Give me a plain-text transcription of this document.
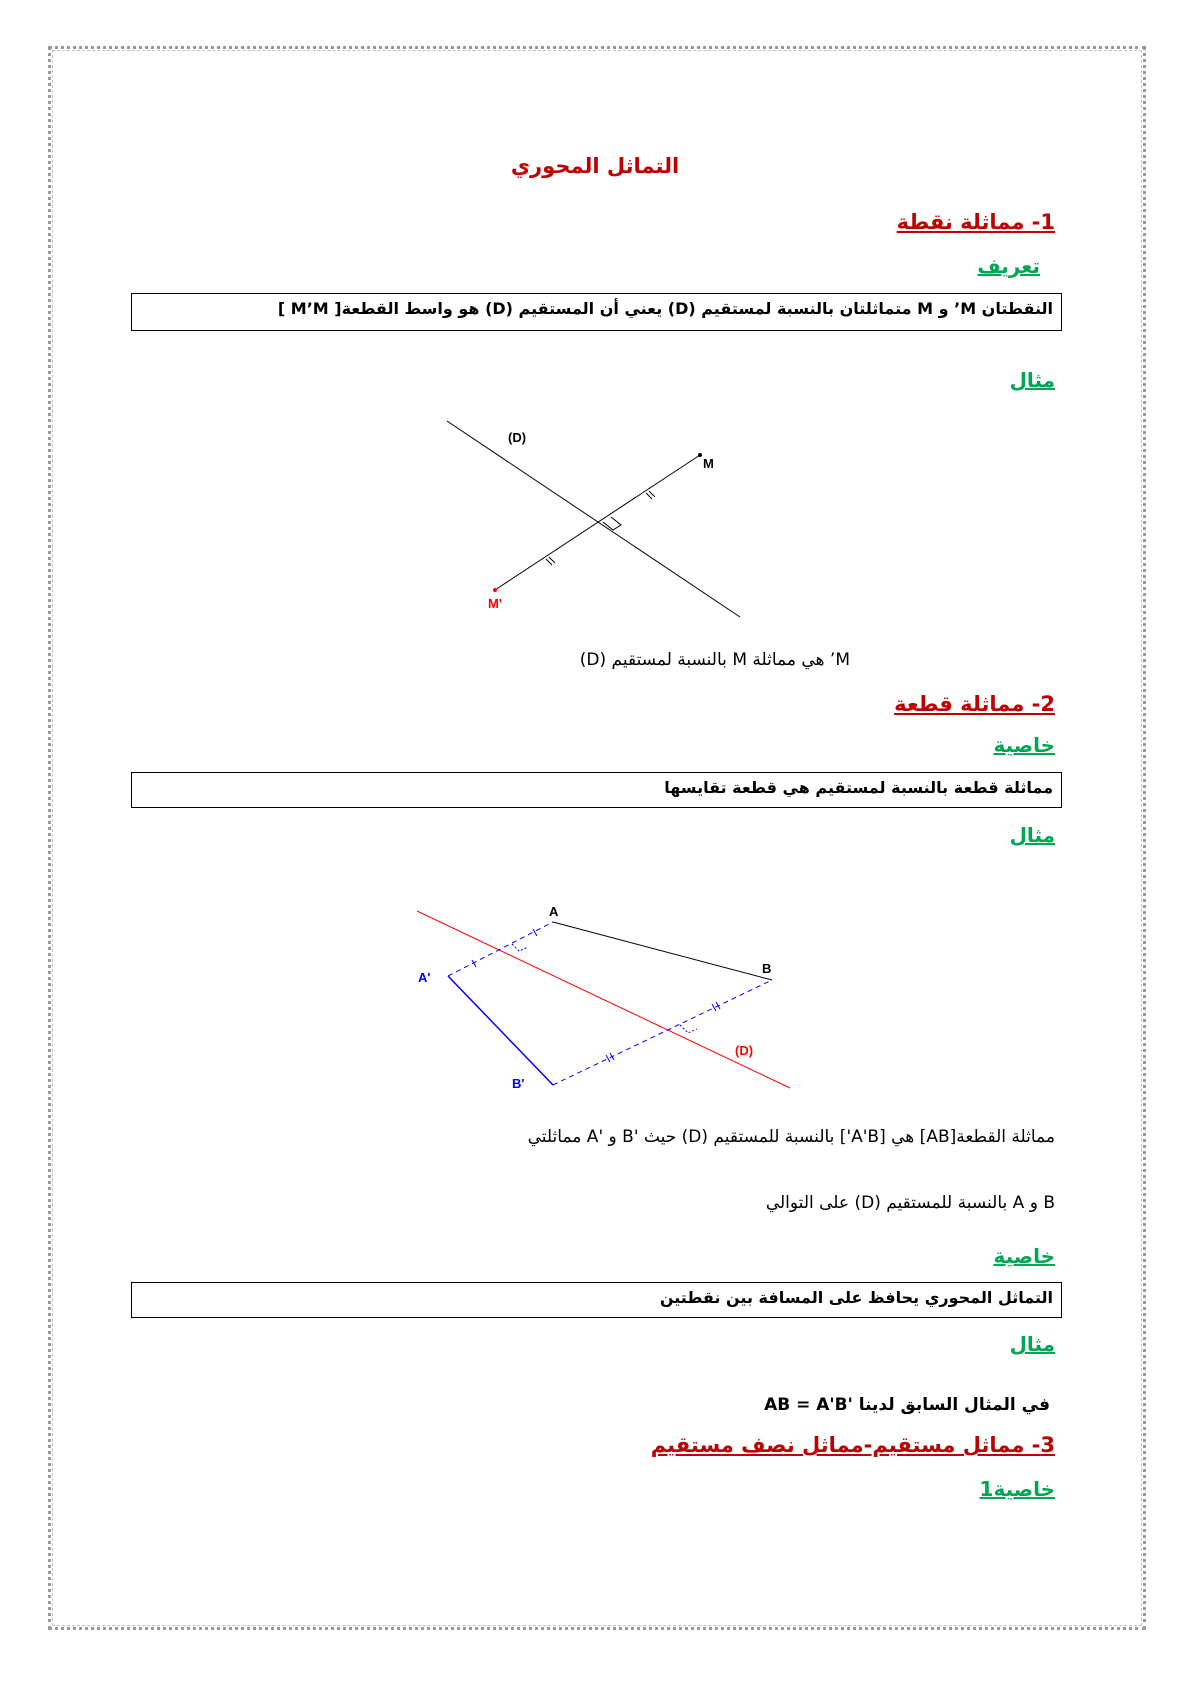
التماثل المحوري
1- مماثلة نقطة
تعريف
النقطتان M’ و M متماثلتان بالنسبة لمستقيم (D) يعني أن المستقيم (D) هو واسط القطعة[ M’M ]
مثال
(D)
M
M'
M’ هي مماثلة M بالنسبة لمستقيم (D)
2- مماثلة قطعة
خاصية
مماثلة قطعة بالنسبة لمستقيم هي قطعة تقايسها
مثال
A
B
A'
B'
(D)
مماثلة القطعة[AB] هي [A'B'] بالنسبة للمستقيم (D) حيث 'B و 'A مماثلتي
B و A بالنسبة للمستقيم (D) على التوالي
خاصية
التماثل المحوري يحافظ على المسافة بين نقطتين
مثال
في المثال السابق لدينا 'AB = A'B
3- مماثل مستقيم-مماثل نصف مستقيم
خاصية1
